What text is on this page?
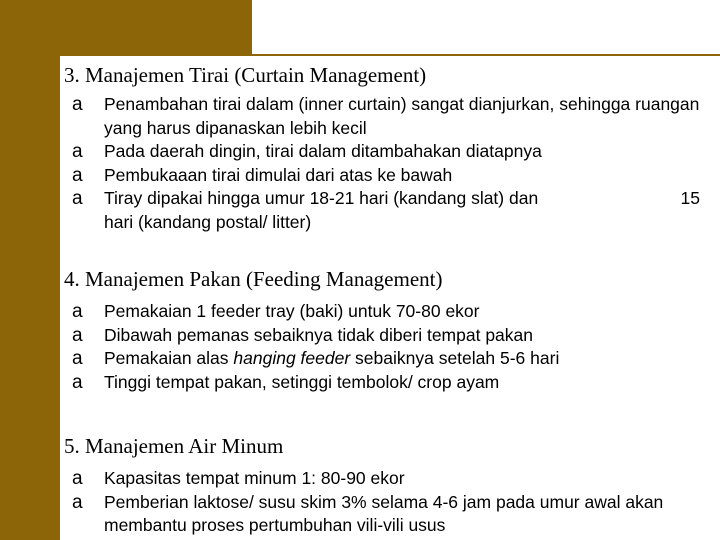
3. Manajemen Tirai (Curtain Management)
a Penambahan tirai dalam (inner curtain) sangat dianjurkan, sehingga ruangan yang harus dipanaskan lebih kecil
a Pada daerah dingin, tirai dalam ditambahakan diatapnya
a Pembukaaan tirai dimulai dari atas ke bawah
a Tiray dipakai hingga umur 18-21 hari (kandang slat) dan	15

hari (kandang postal/ litter)
4. Manajemen Pakan (Feeding Management)
a Pemakaian 1 feeder tray (baki) untuk 70-80 ekor
a Dibawah pemanas sebaiknya tidak diberi tempat pakan
a Pemakaian alas hanging feeder sebaiknya setelah 5-6 hari
a Tinggi tempat pakan, setinggi tembolok/ crop ayam
5. Manajemen Air Minum
a Kapasitas tempat minum 1: 80-90 ekor
a Pemberian laktose/ susu skim 3% selama 4-6 jam pada umur awal akan membantu proses pertumbuhan vili-vili usus
